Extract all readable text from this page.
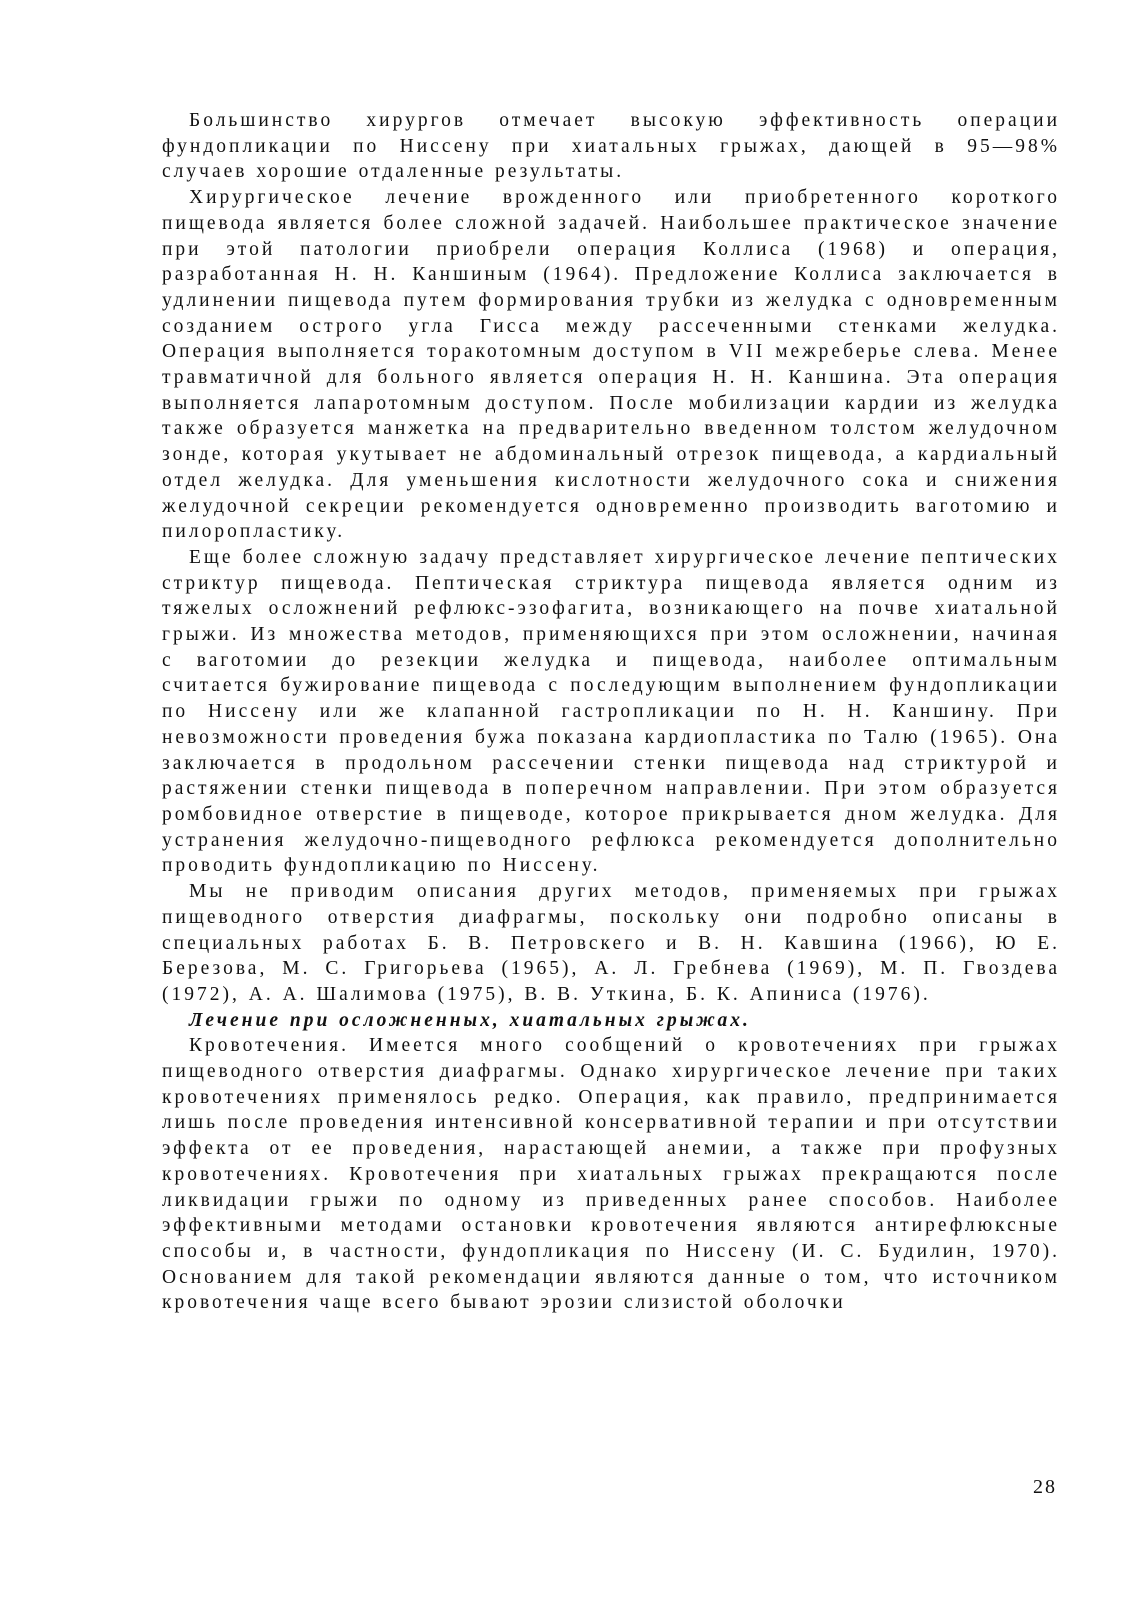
Большинство хирургов отмечает высокую эффективность операции фундопликации по Ниссену при хиатальных грыжах, дающей в 95—98% случаев хорошие отдаленные результаты.

Хирургическое лечение врожденного или приобретенного короткого пищевода является более сложной задачей. Наибольшее практическое значение при этой патологии приобрели операция Коллиса (1968) и операция, разработанная Н. Н. Каншиным (1964). Предложение Коллиса заключается в удлинении пищевода путем формирования трубки из желудка с одновременным созданием острого угла Гисса между рассеченными стенками желудка. Операция выполняется торакотомным доступом в VII межреберье слева. Менее травматичной для больного является операция Н. Н. Каншина. Эта операция выполняется лапаротомным доступом. После мобилизации кардии из желудка также образуется манжетка на предварительно введенном толстом желудочном зонде, которая укутывает не абдоминальный отрезок пищевода, а кардиальный отдел желудка. Для уменьшения кислотности желудочного сока и снижения желудочной секреции рекомендуется одновременно производить ваготомию и пилоропластику.

Еще более сложную задачу представляет хирургическое лечение пептических стриктур пищевода. Пептическая стриктура пищевода является одним из тяжелых осложнений рефлюкс-эзофагита, возникающего на почве хиатальной грыжи. Из множества методов, применяющихся при этом осложнении, начиная с ваготомии до резекции желудка и пищевода, наиболее оптимальным считается бужирование пищевода с последующим выполнением фундопликации по Ниссену или же клапанной гастропликации по Н. Н. Каншину. При невозможности проведения бужа показана кардиопластика по Талю (1965). Она заключается в продольном рассечении стенки пищевода над стриктурой и растяжении стенки пищевода в поперечном направлении. При этом образуется ромбовидное отверстие в пищеводе, которое прикрывается дном желудка. Для устранения желудочно-пищеводного рефлюкса рекомендуется дополнительно проводить фундопликацию по Ниссену.

Мы не приводим описания других методов, применяемых при грыжах пищеводного отверстия диафрагмы, поскольку они подробно описаны в специальных работах Б. В. Петровскего и В. Н. Кавшина (1966), Ю Е. Березова, М. С. Григорьева (1965), А. Л. Гребнева (1969), М. П. Гвоздева (1972), А. А. Шалимова (1975), В. В. Уткина, Б. К. Апиниса (1976).

Лечение при осложненных, хиатальных грыжах.

Кровотечения. Имеется много сообщений о кровотечениях при грыжах пищеводного отверстия диафрагмы. Однако хирургическое лечение при таких кровотечениях применялось редко. Операция, как правило, предпринимается лишь после проведения интенсивной консервативной терапии и при отсутствии эффекта от ее проведения, нарастающей анемии, а также при профузных кровотечениях. Кровотечения при хиатальных грыжах прекращаются после ликвидации грыжи по одному из приведенных ранее способов. Наиболее эффективными методами остановки кровотечения являются антирефлюксные способы и, в частности, фундопликация по Ниссену (И. С. Будилин, 1970). Основанием для такой рекомендации являются данные о том, что источником кровотечения чаще всего бывают эрозии слизистой оболочки

28
